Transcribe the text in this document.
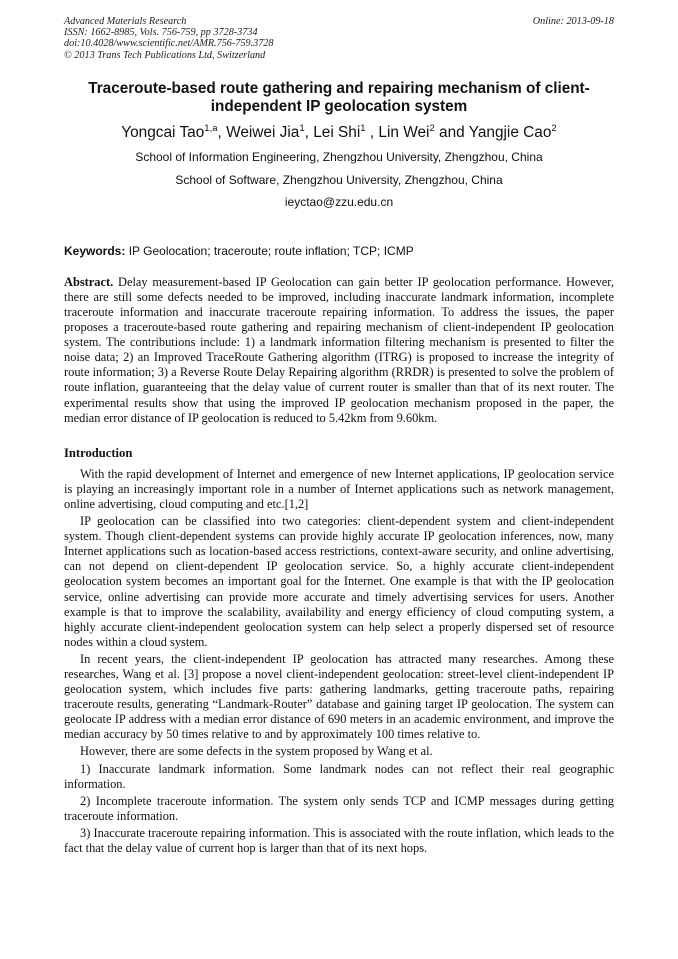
Advanced Materials Research
ISSN: 1662-8985, Vols. 756-759, pp 3728-3734
doi:10.4028/www.scientific.net/AMR.756-759.3728
© 2013 Trans Tech Publications Ltd, Switzerland
Online: 2013-09-18
Traceroute-based route gathering and repairing mechanism of client-independent IP geolocation system
Yongcai Tao$^{1,a}$, Weiwei Jia$^1$, Lei Shi$^1$ , Lin Wei$^2$ and Yangjie Cao$^2$
School of Information Engineering, Zhengzhou University, Zhengzhou, China
School of Software, Zhengzhou University, Zhengzhou, China
ieyctao@zzu.edu.cn
Keywords: IP Geolocation; traceroute; route inflation; TCP; ICMP
Abstract. Delay measurement-based IP Geolocation can gain better IP geolocation performance. However, there are still some defects needed to be improved, including inaccurate landmark information, incomplete traceroute information and inaccurate traceroute repairing information. To address the issues, the paper proposes a traceroute-based route gathering and repairing mechanism of client-independent IP geolocation system. The contributions include: 1) a landmark information filtering mechanism is presented to filter the noise data; 2) an Improved TraceRoute Gathering algorithm (ITRG) is proposed to increase the integrity of route information; 3) a Reverse Route Delay Repairing algorithm (RRDR) is presented to solve the problem of route inflation, guaranteeing that the delay value of current router is smaller than that of its next router. The experimental results show that using the improved IP geolocation mechanism proposed in the paper, the median error distance of IP geolocation is reduced to 5.42km from 9.60km.
Introduction

With the rapid development of Internet and emergence of new Internet applications, IP geolocation service is playing an increasingly important role in a number of Internet applications such as network management, online advertising, cloud computing and etc.[1,2]

IP geolocation can be classified into two categories: client-dependent system and client-independent system. Though client-dependent systems can provide highly accurate IP geolocation inferences, now, many Internet applications such as location-based access restrictions, context-aware security, and online advertising, can not depend on client-dependent IP geolocation service. So, a highly accurate client-independent geolocation system becomes an important goal for the Internet. One example is that with the IP geolocation service, online advertising can provide more accurate and timely advertising services for users. Another example is that to improve the scalability, availability and energy efficiency of cloud computing system, a highly accurate client-independent geolocation system can help select a properly dispersed set of resource nodes within a cloud system.

In recent years, the client-independent IP geolocation has attracted many researches. Among these researches, Wang et al. [3] propose a novel client-independent geolocation: street-level client-independent IP geolocation system, which includes five parts: gathering landmarks, getting traceroute paths, repairing traceroute results, generating “Landmark-Router” database and gaining target IP geolocation. The system can geolocate IP address with a median error distance of 690 meters in an academic environment, and improve the median accuracy by 50 times relative to and by approximately 100 times relative to.

However, there are some defects in the system proposed by Wang et al.

1) Inaccurate landmark information. Some landmark nodes can not reflect their real geographic information.

2) Incomplete traceroute information. The system only sends TCP and ICMP messages during getting traceroute information.

3) Inaccurate traceroute repairing information. This is associated with the route inflation, which leads to the fact that the delay value of current hop is larger than that of its next hops.
